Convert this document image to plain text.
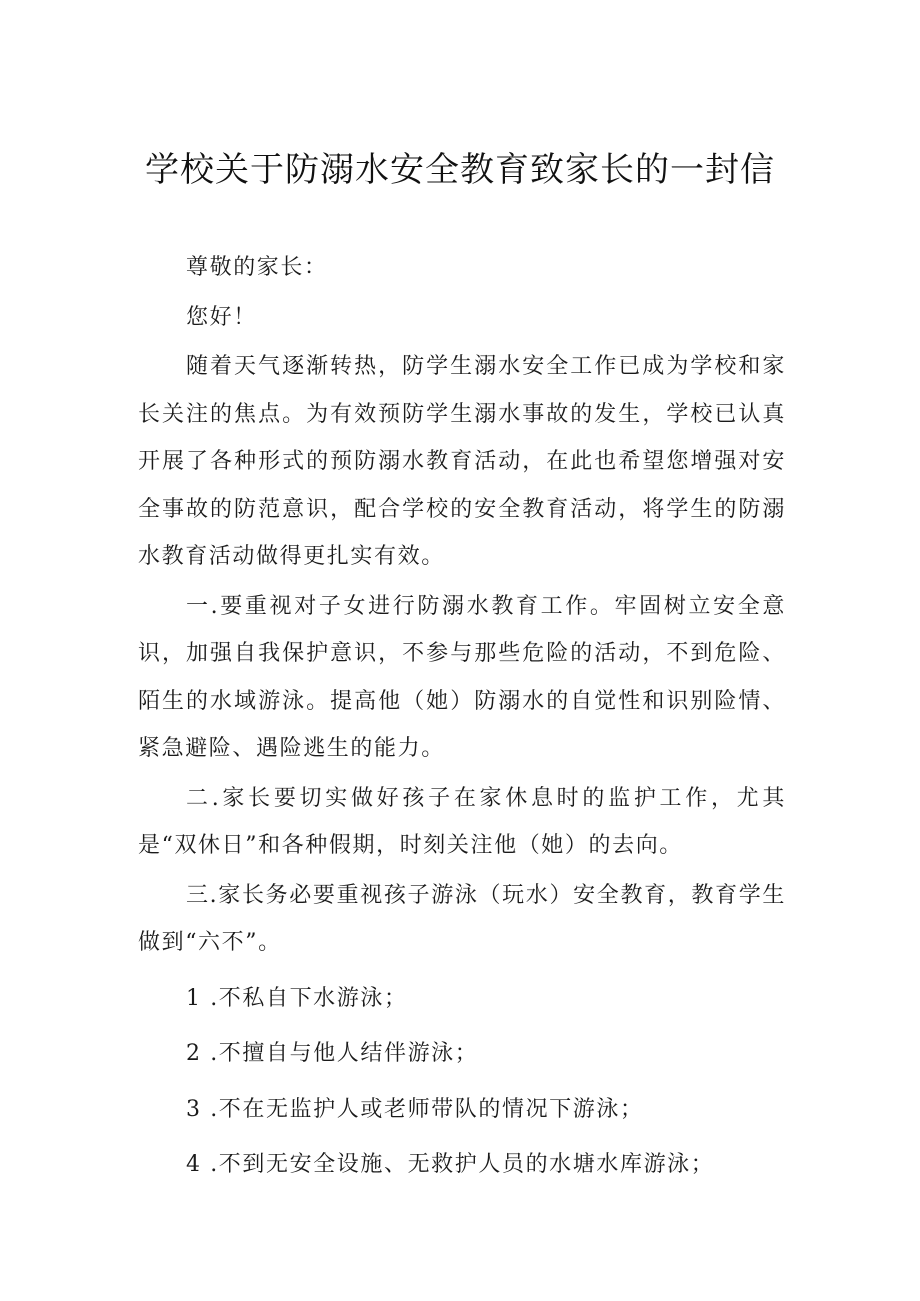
学校关于防溺水安全教育致家长的一封信

尊敬的家长：

您好！

随着天气逐渐转热，防学生溺水安全工作已成为学校和家长关注的焦点。为有效预防学生溺水事故的发生，学校已认真开展了各种形式的预防溺水教育活动，在此也希望您增强对安全事故的防范意识，配合学校的安全教育活动，将学生的防溺水教育活动做得更扎实有效。

一.要重视对子女进行防溺水教育工作。牢固树立安全意识，加强自我保护意识，不参与那些危险的活动，不到危险、陌生的水域游泳。提高他（她）防溺水的自觉性和识别险情、紧急避险、遇险逃生的能力。

二.家长要切实做好孩子在家休息时的监护工作，尤其是“双休日”和各种假期，时刻关注他（她）的去向。

三.家长务必要重视孩子游泳（玩水）安全教育，教育学生做到“六不”。

1 .不私自下水游泳；

2 .不擅自与他人结伴游泳；

3 .不在无监护人或老师带队的情况下游泳；

4 .不到无安全设施、无救护人员的水塘水库游泳；
